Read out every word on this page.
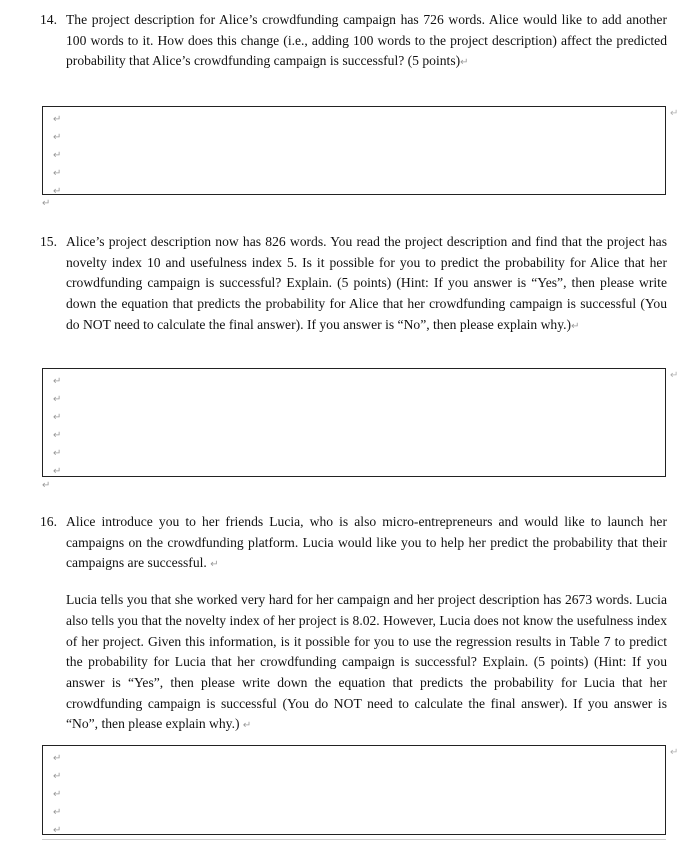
14. The project description for Alice’s crowdfunding campaign has 726 words. Alice would like to add another 100 words to it. How does this change (i.e., adding 100 words to the project description) affect the predicted probability that Alice’s crowdfunding campaign is successful? (5 points)↵

↵
↵
↵
↵
↵
↵
↵
15. Alice’s project description now has 826 words. You read the project description and find that the project has novelty index 10 and usefulness index 5. Is it possible for you to predict the probability for Alice that her crowdfunding campaign is successful? Explain. (5 points) (Hint: If you answer is “Yes”, then please write down the equation that predicts the probability for Alice that her crowdfunding campaign is successful (You do NOT need to calculate the final answer). If you answer is “No”, then please explain why.)↵

↵
↵
↵
↵
↵
↵
↵
↵
16. Alice introduce you to her friends Lucia, who is also micro-entrepreneurs and would like to launch her campaigns on the crowdfunding platform. Lucia would like you to help her predict the probability that their campaigns are successful. ↵

Lucia tells you that she worked very hard for her campaign and her project description has 2673 words. Lucia also tells you that the novelty index of her project is 8.02. However, Lucia does not know the usefulness index of her project. Given this information, is it possible for you to use the regression results in Table 7 to predict the probability for Lucia that her crowdfunding campaign is successful? Explain. (5 points) (Hint: If you answer is “Yes”, then please write down the equation that predicts the probability for Lucia that her crowdfunding campaign is successful (You do NOT need to calculate the final answer). If you answer is “No”, then please explain why.) ↵

↵
↵
↵
↵
↵
↵
